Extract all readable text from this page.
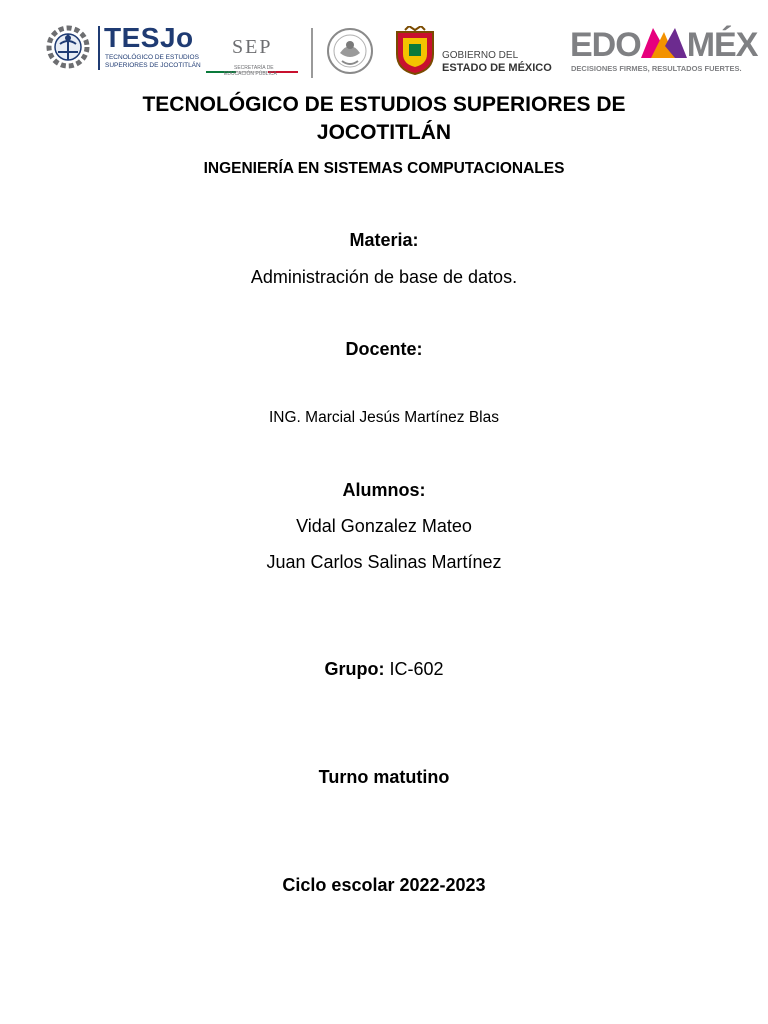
TESJo
TECNOLÓGICO DE ESTUDIOS
SUPERIORES DE JOCOTITLÁN
SEP
SECRETARÍA DE
EDUCACIÓN PÚBLICA
GOBIERNO DEL
ESTADO DE MÉXICO
EDO MÉX
DECISIONES FIRMES, RESULTADOS FUERTES.
TECNOLÓGICO DE ESTUDIOS SUPERIORES DE
JOCOTITLÁN
INGENIERÍA EN SISTEMAS COMPUTACIONALES
Materia:
Administración de base de datos.
Docente:
ING. Marcial Jesús Martínez Blas
Alumnos:
Vidal Gonzalez Mateo
Juan Carlos Salinas Martínez
Grupo: IC-602
Turno matutino
Ciclo escolar 2022-2023
